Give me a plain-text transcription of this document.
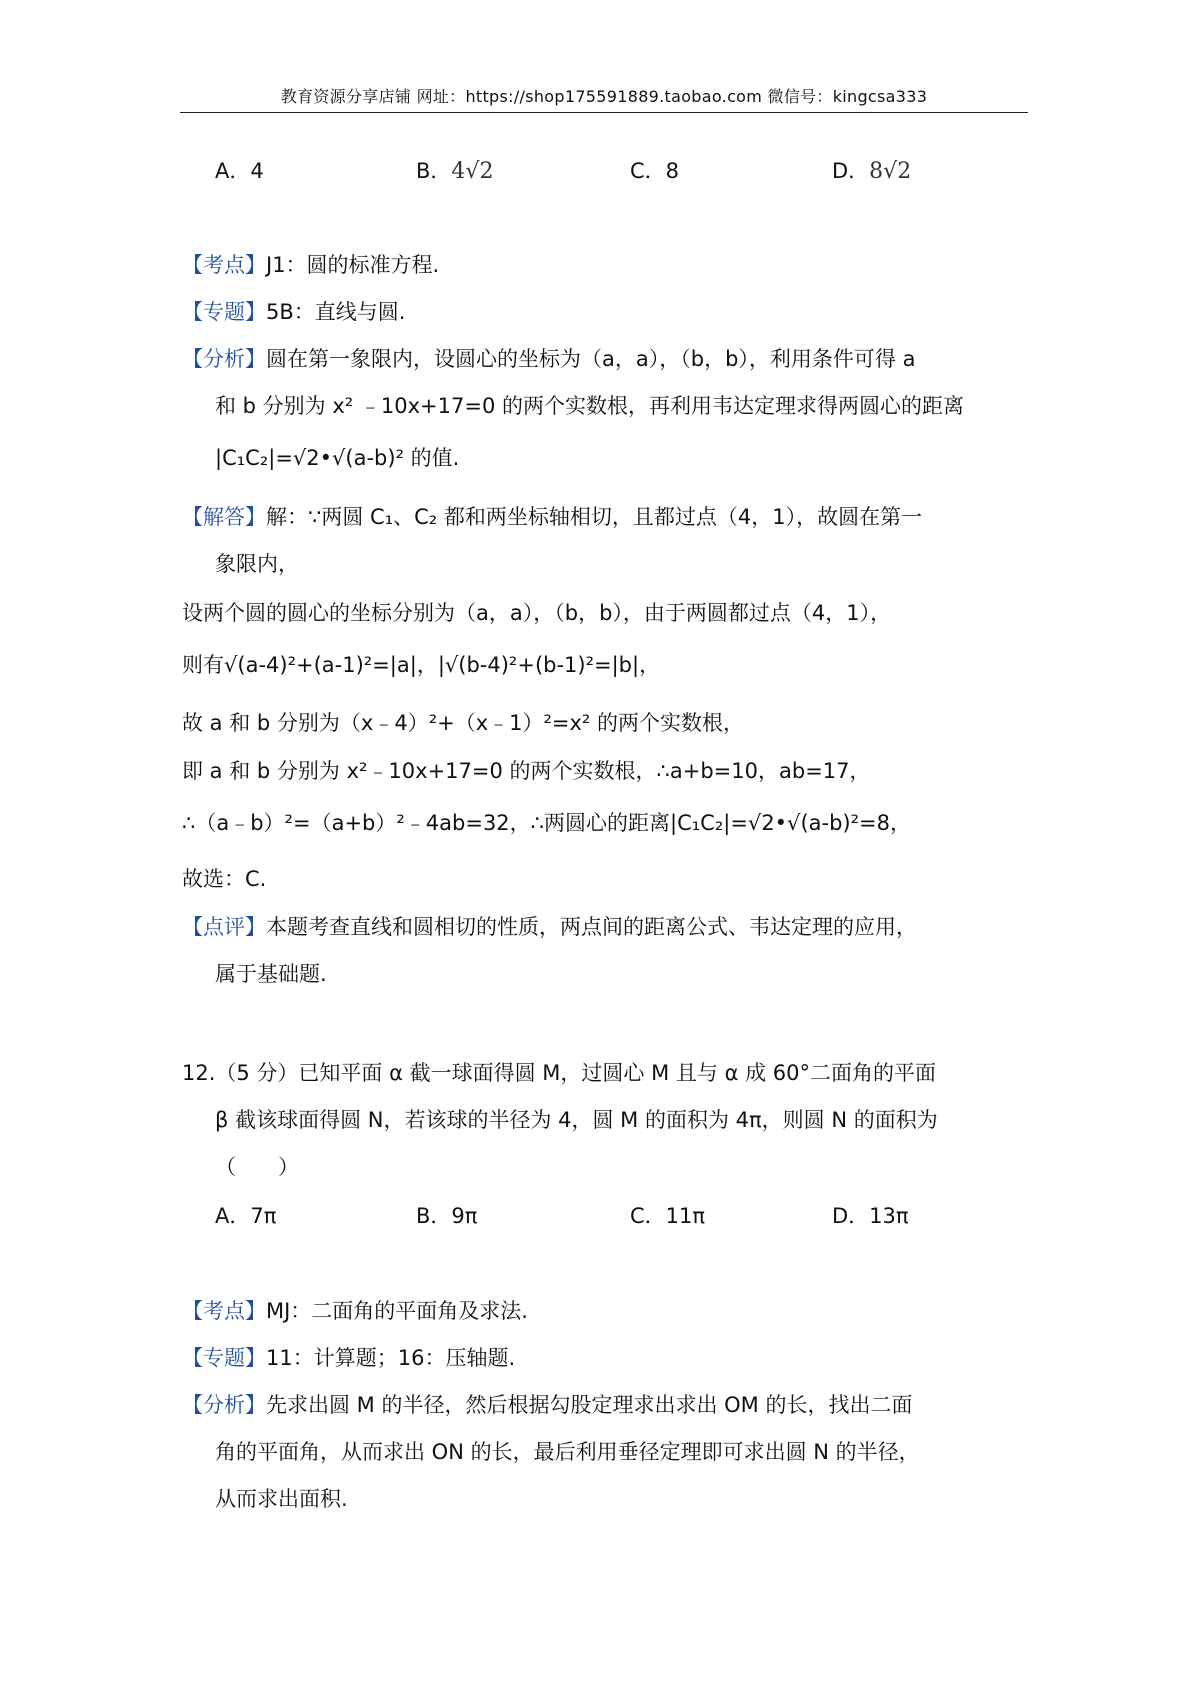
教育资源分享店铺 网址：https://shop175591889.taobao.com 微信号：kingcsa333
A．4	B．4√2	C．8	D．8√2
【考点】J1：圆的标准方程.
【专题】5B：直线与圆.
【分析】圆在第一象限内，设圆心的坐标为（a，a），（b，b），利用条件可得 a
和 b 分别为 x² ﹣10x+17=0 的两个实数根，再利用韦达定理求得两圆心的距离
|C₁C₂|=√2•√(a-b)² 的值.
【解答】解：∵两圆 C₁、C₂ 都和两坐标轴相切，且都过点（4，1），故圆在第一
象限内，
设两个圆的圆心的坐标分别为（a，a），（b，b），由于两圆都过点（4，1），
则有√(a-4)²+(a-1)²=|a|，|√(b-4)²+(b-1)²=|b|，
故 a 和 b 分别为（x﹣4）²+（x﹣1）²=x² 的两个实数根，
即 a 和 b 分别为 x²﹣10x+17=0 的两个实数根，∴a+b=10，ab=17，
∴（a﹣b）²=（a+b）²﹣4ab=32，∴两圆心的距离|C₁C₂|=√2•√(a-b)²=8，
故选：C.
【点评】本题考查直线和圆相切的性质，两点间的距离公式、韦达定理的应用，
属于基础题.
12.（5 分）已知平面 α 截一球面得圆 M，过圆心 M 且与 α 成 60°二面角的平面
β 截该球面得圆 N，若该球的半径为 4，圆 M 的面积为 4π，则圆 N 的面积为
（　　）
A．7π	B．9π	C．11π	D．13π
【考点】MJ：二面角的平面角及求法.
【专题】11：计算题；16：压轴题.
【分析】先求出圆 M 的半径，然后根据勾股定理求出求出 OM 的长，找出二面
角的平面角，从而求出 ON 的长，最后利用垂径定理即可求出圆 N 的半径，
从而求出面积.
